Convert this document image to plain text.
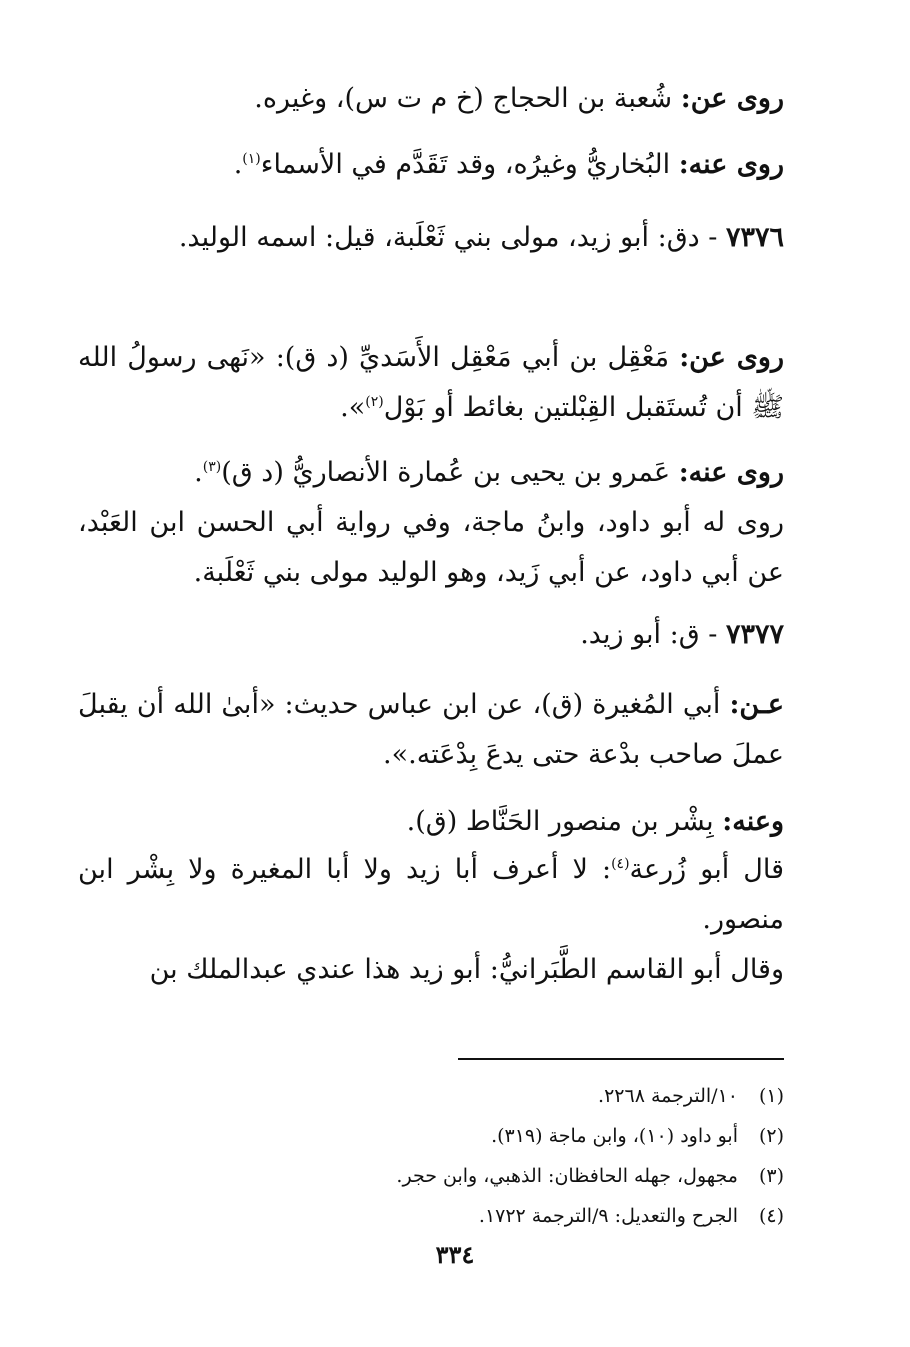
روى عن: شُعبة بن الحجاج (خ م ت س)، وغيره.
روى عنه: البُخاريُّ وغيرُه، وقد تَقَدَّم في الأسماء$^{(١)}$.
٧٣٧٦ - دق: أبو زيد، مولى بني ثَعْلَبة، قيل: اسمه الوليد.
روى عن: مَعْقِل بن أبي مَعْقِل الأَسَديِّ (د ق): «نَهى رسولُ الله ﷺ أن تُستَقبل القِبْلتين بغائط أو بَوْل$^{(٢)}$».
روى عنه: عَمرو بن يحيى بن عُمارة الأنصاريُّ (د ق)$^{(٣)}$.
روى له أبو داود، وابنُ ماجة، وفي رواية أبي الحسن ابن العَبْد، عن أبي داود، عن أبي زَيد، وهو الوليد مولى بني ثَعْلَبة.
٧٣٧٧ - ق: أبو زيد.
عـن: أبي المُغيرة (ق)، عن ابن عباس حديث: «أبىٰ الله أن يقبلَ عملَ صاحب بدْعة حتى يدعَ بِدْعَته.».
وعنه: بِشْر بن منصور الحَنَّاط (ق).
قال أبو زُرعة$^{(٤)}$: لا أعرف أبا زيد ولا أبا المغيرة ولا بِشْر ابن منصور.
وقال أبو القاسم الطَّبَرانيُّ: أبو زيد هذا عندي عبدالملك بن
(١)١٠/الترجمة ٢٢٦٨.
(٢)أبو داود (١٠)، وابن ماجة (٣١٩).
(٣)مجهول، جهله الحافظان: الذهبي، وابن حجر.
(٤)الجرح والتعديل: ٩/الترجمة ١٧٢٢.
٣٣٤
